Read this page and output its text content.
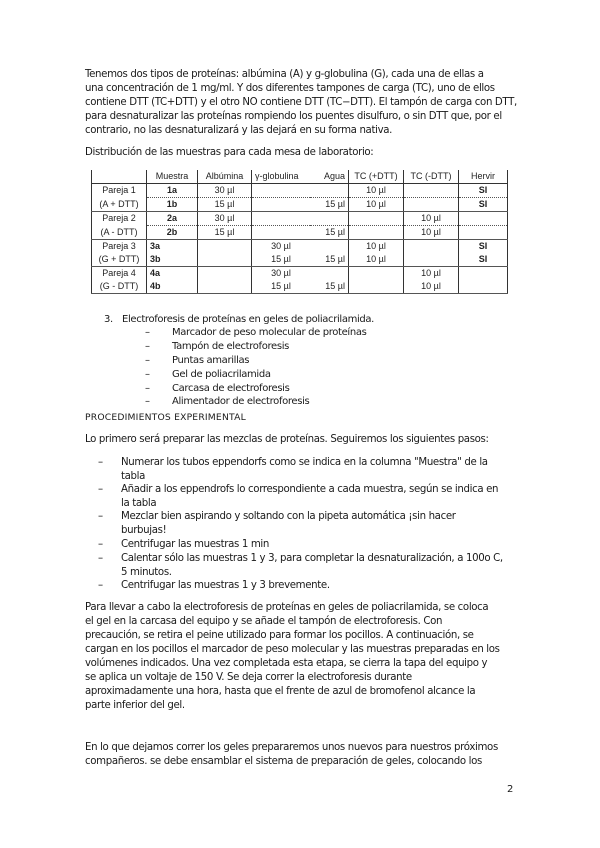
Tenemos dos tipos de proteínas: albúmina (A) y g-globulina (G), cada una de ellas a
una concentración de 1 mg/ml. Y dos diferentes tampones de carga (TC), uno de ellos
contiene DTT (TC+DTT) y el otro NO contiene DTT (TC−DTT). El tampón de carga con DTT,
para desnaturalizar las proteínas rompiendo los puentes disulfuro, o sin DTT que, por el
contrario, no las desnaturalizará y las dejará en su forma nativa.
Distribución de las muestras para cada mesa de laboratorio:
	Muestra	Albúmina	γ-globulina	Agua	TC (+DTT)	TC (-DTT)	Hervir
Pareja 1	1a	30 µl			10 µl		SI
(A + DTT)	1b	15 µl		15 µl	10 µl		SI
Pareja 2	2a	30 µl				10 µl	
(A - DTT)	2b	15 µl		15 µl		10 µl	
Pareja 3	3a		30 µl		10 µl		SI
(G + DTT)	3b		15 µl	15 µl	10 µl		SI
Pareja 4	4a		30 µl			10 µl	
(G - DTT)	4b		15 µl	15 µl		10 µl	
3. Electroforesis de proteínas en geles de poliacrilamida.
– Marcador de peso molecular de proteínas
– Tampón de electroforesis
– Puntas amarillas
– Gel de poliacrilamida
– Carcasa de electroforesis
– Alimentador de electroforesis
PROCEDIMIENTOS EXPERIMENTAL
Lo primero será preparar las mezclas de proteínas. Seguiremos los siguientes pasos:
– Numerar los tubos eppendorfs como se indica en la columna "Muestra" de la
tabla
– Añadir a los eppendrofs lo correspondiente a cada muestra, según se indica en
la tabla
– Mezclar bien aspirando y soltando con la pipeta automática ¡sin hacer
burbujas!
– Centrifugar las muestras 1 min
– Calentar sólo las muestras 1 y 3, para completar la desnaturalización, a 100o C,
5 minutos.
– Centrifugar las muestras 1 y 3 brevemente.
Para llevar a cabo la electroforesis de proteínas en geles de poliacrilamida, se coloca
el gel en la carcasa del equipo y se añade el tampón de electroforesis. Con
precaución, se retira el peine utilizado para formar los pocillos. A continuación, se
cargan en los pocillos el marcador de peso molecular y las muestras preparadas en los
volúmenes indicados. Una vez completada esta etapa, se cierra la tapa del equipo y
se aplica un voltaje de 150 V. Se deja correr la electroforesis durante
aproximadamente una hora, hasta que el frente de azul de bromofenol alcance la
parte inferior del gel.
En lo que dejamos correr los geles prepararemos unos nuevos para nuestros próximos
compañeros. se debe ensamblar el sistema de preparación de geles, colocando los
2
